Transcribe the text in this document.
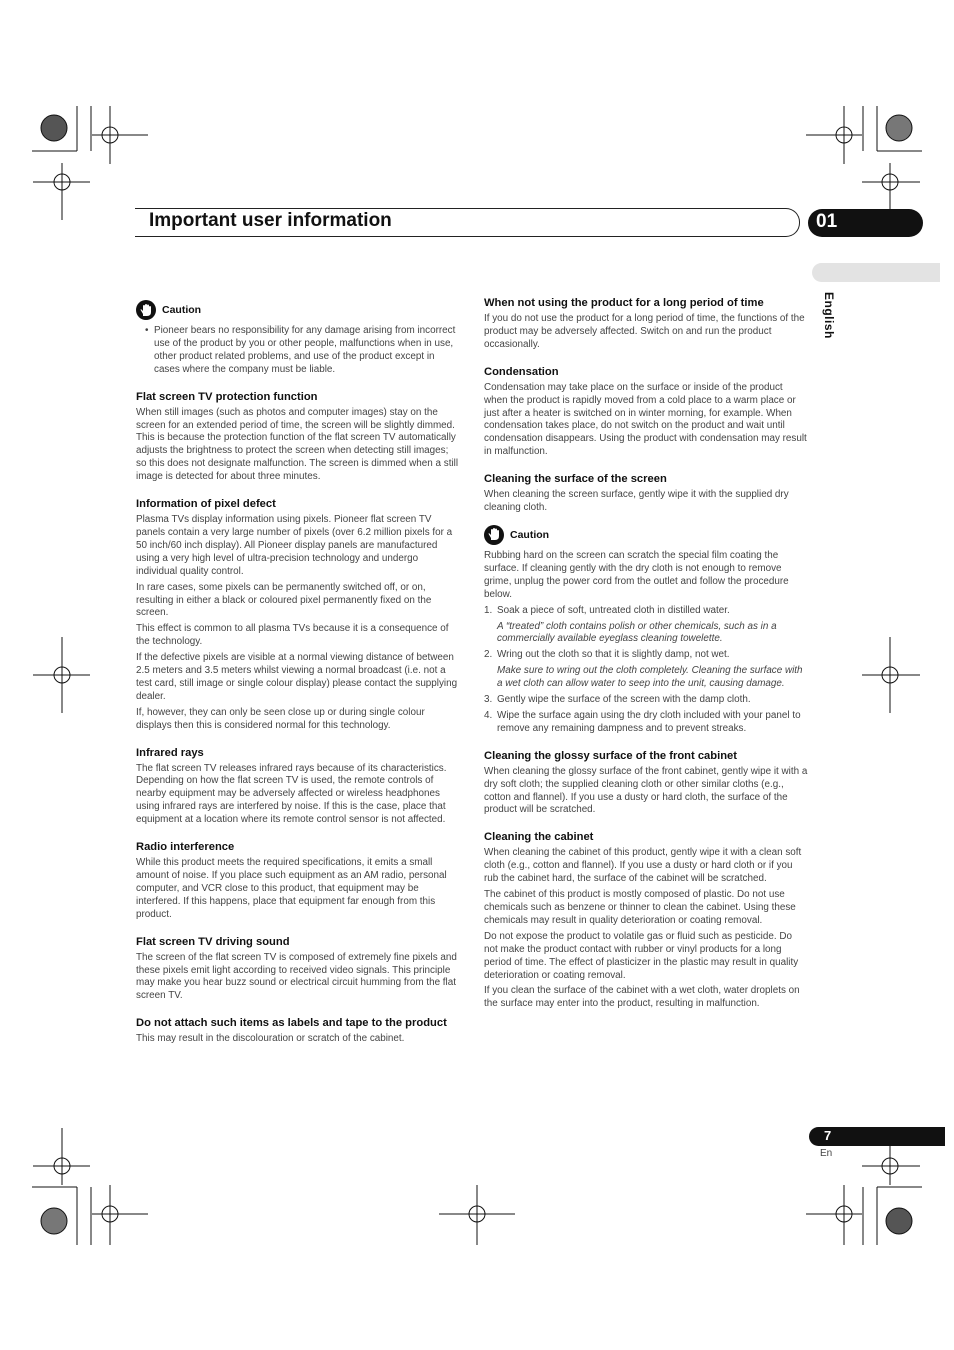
Important user information	01
English
Caution

• Pioneer bears no responsibility for any damage arising from incorrect use of the product by you or other people, malfunctions when in use, other product related problems, and use of the product except in cases where the company must be liable.

Flat screen TV protection function

When still images (such as photos and computer images) stay on the screen for an extended period of time, the screen will be slightly dimmed. This is because the protection function of the flat screen TV automatically adjusts the brightness to protect the screen when detecting still images; so this does not designate malfunction. The screen is dimmed when a still image is detected for about three minutes.

Information of pixel defect

Plasma TVs display information using pixels. Pioneer flat screen TV panels contain a very large number of pixels (over 6.2 million pixels for a 50 inch/60 inch display). All Pioneer display panels are manufactured using a very high level of ultra-precision technology and undergo individual quality control.

In rare cases, some pixels can be permanently switched off, or on, resulting in either a black or coloured pixel permanently fixed on the screen.

This effect is common to all plasma TVs because it is a consequence of the technology.

If the defective pixels are visible at a normal viewing distance of between 2.5 meters and 3.5 meters whilst viewing a normal broadcast (i.e. not a test card, still image or single colour display) please contact the supplying dealer.

If, however, they can only be seen close up or during single colour displays then this is considered normal for this technology.

Infrared rays

The flat screen TV releases infrared rays because of its characteristics. Depending on how the flat screen TV is used, the remote controls of nearby equipment may be adversely affected or wireless headphones using infrared rays are interfered by noise. If this is the case, place that equipment at a location where its remote control sensor is not affected.

Radio interference

While this product meets the required specifications, it emits a small amount of noise. If you place such equipment as an AM radio, personal computer, and VCR close to this product, that equipment may be interfered. If this happens, place that equipment far enough from this product.

Flat screen TV driving sound

The screen of the flat screen TV is composed of extremely fine pixels and these pixels emit light according to received video signals. This principle may make you hear buzz sound or electrical circuit humming from the flat screen TV.

Do not attach such items as labels and tape to the product

This may result in the discolouration or scratch of the cabinet.

When not using the product for a long period of time

If you do not use the product for a long period of time, the functions of the product may be adversely affected. Switch on and run the product occasionally.

Condensation

Condensation may take place on the surface or inside of the product when the product is rapidly moved from a cold place to a warm place or just after a heater is switched on in winter morning, for example. When condensation takes place, do not switch on the product and wait until condensation disappears. Using the product with condensation may result in malfunction.

Cleaning the surface of the screen

When cleaning the screen surface, gently wipe it with the supplied dry cleaning cloth.

Caution

Rubbing hard on the screen can scratch the special film coating the surface. If cleaning gently with the dry cloth is not enough to remove grime, unplug the power cord from the outlet and follow the procedure below.

1. Soak a piece of soft, untreated cloth in distilled water.

A “treated” cloth contains polish or other chemicals, such as in a commercially available eyeglass cleaning towelette.

2. Wring out the cloth so that it is slightly damp, not wet.

Make sure to wring out the cloth completely. Cleaning the surface with a wet cloth can allow water to seep into the unit, causing damage.

3. Gently wipe the surface of the screen with the damp cloth.

4. Wipe the surface again using the dry cloth included with your panel to remove any remaining dampness and to prevent streaks.

Cleaning the glossy surface of the front cabinet

When cleaning the glossy surface of the front cabinet, gently wipe it with a dry soft cloth; the supplied cleaning cloth or other similar cloths (e.g., cotton and flannel). If you use a dusty or hard cloth, the surface of the product will be scratched.

Cleaning the cabinet

When cleaning the cabinet of this product, gently wipe it with a clean soft cloth (e.g., cotton and flannel). If you use a dusty or hard cloth or if you rub the cabinet hard, the surface of the cabinet will be scratched.

The cabinet of this product is mostly composed of plastic. Do not use chemicals such as benzene or thinner to clean the cabinet. Using these chemicals may result in quality deterioration or coating removal.

Do not expose the product to volatile gas or fluid such as pesticide. Do not make the product contact with rubber or vinyl products for a long period of time. The effect of plasticizer in the plastic may result in quality deterioration or coating removal.

If you clean the surface of the cabinet with a wet cloth, water droplets on the surface may enter into the product, resulting in malfunction.

7
En
